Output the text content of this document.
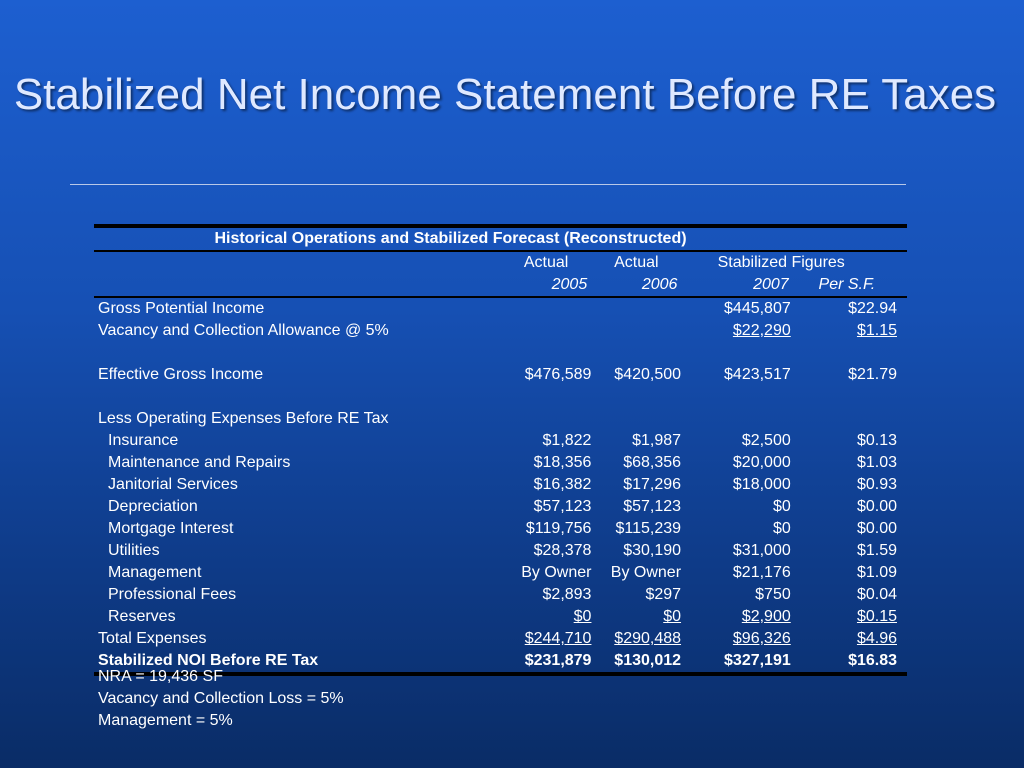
Stabilized Net Income Statement Before RE Taxes
Historical Operations and Stabilized Forecast (Reconstructed)
	Actual	Actual	Stabilized Figures	
	2005	2006	2007	Per S.F.
Gross Potential Income			$445,807	$22.94
Vacancy and Collection Allowance @ 5%			$22,290	$1.15

Effective Gross Income	$476,589	$420,500	$423,517	$21.79

Less Operating Expenses Before RE Tax				
Insurance	$1,822	$1,987	$2,500	$0.13
Maintenance and Repairs	$18,356	$68,356	$20,000	$1.03
Janitorial Services	$16,382	$17,296	$18,000	$0.93
Depreciation	$57,123	$57,123	$0	$0.00
Mortgage Interest	$119,756	$115,239	$0	$0.00
Utilities	$28,378	$30,190	$31,000	$1.59
Management	By Owner	By Owner	$21,176	$1.09
Professional Fees	$2,893	$297	$750	$0.04
Reserves	$0	$0	$2,900	$0.15
Total Expenses	$244,710	$290,488	$96,326	$4.96
Stabilized NOI Before RE Tax	$231,879	$130,012	$327,191	$16.83
NRA = 19,436 SF
Vacancy and Collection Loss = 5%
Management = 5%
